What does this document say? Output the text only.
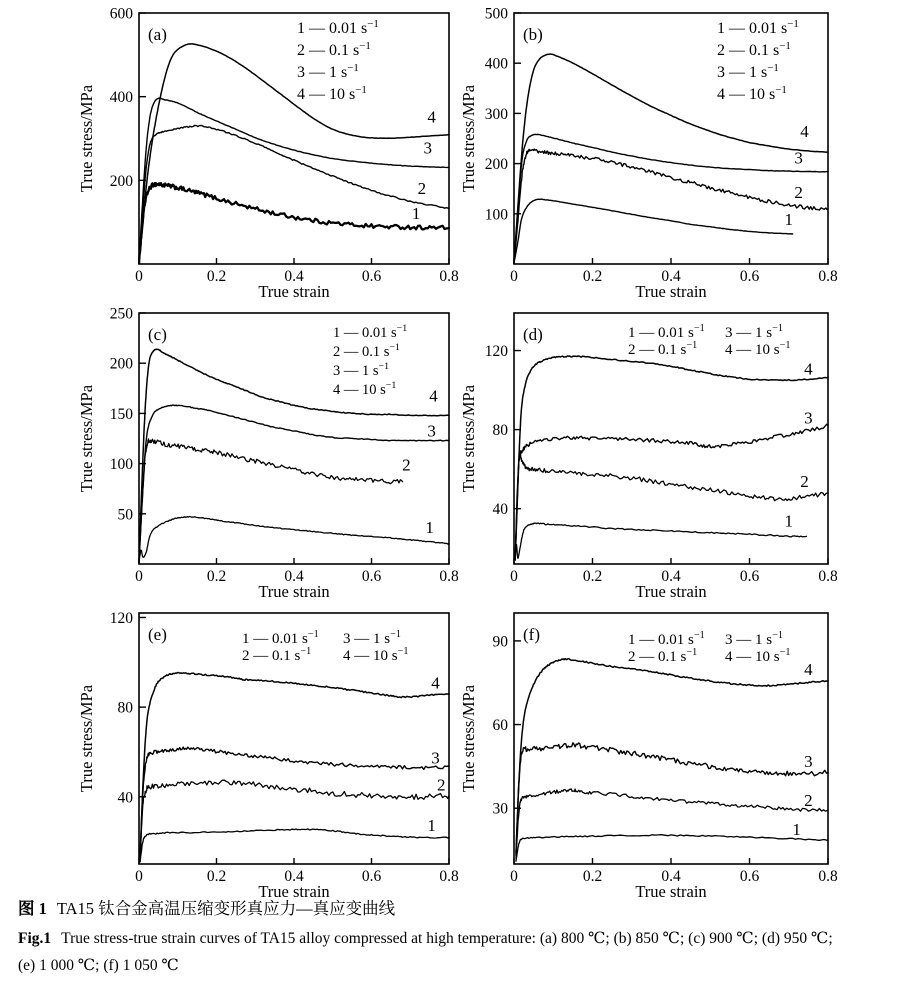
0	0.2	0.4	0.6	0.8
200
400
600
True strain
True stress/MPa
(a)	1 — 0.01 $s^{-1}$
2 — 0.1 $s^{-1}$
3 — 1 $s^{-1}$
4 — 10 $s^{-1}$
1
2
3
4
0	0.2	0.4	0.6	0.8
100
200
300
400
500
True strain
True stress/MPa
(b)	1 — 0.01 $s^{-1}$
2 — 0.1 $s^{-1}$
3 — 1 $s^{-1}$
4 — 10 $s^{-1}$
1
2
3
4
0	0.2	0.4	0.6	0.8
50
100
150
200
250
True strain
True stress/MPa
(c)	1 — 0.01 $s^{-1}$
2 — 0.1 $s^{-1}$
3 — 1 $s^{-1}$
4 — 10 $s^{-1}$
1
2
3
4
0	0.2	0.4	0.6	0.8
40
80
120
True strain
True stress/MPa
(d)	1 — 0.01 $s^{-1}$
2 — 0.1 $s^{-1}$
3 — 1 $s^{-1}$
4 — 10 $s^{-1}$
1
2
3
4
0	0.2	0.4	0.6	0.8
40
80
120
True strain
True stress/MPa
(e)	1 — 0.01 $s^{-1}$
2 — 0.1 $s^{-1}$
3 — 1 $s^{-1}$
4 — 10 $s^{-1}$
1
2
3
4
0	0.2	0.4	0.6	0.8
30
60
90
True strain
True stress/MPa
(f)	1 — 0.01 $s^{-1}$
2 — 0.1 $s^{-1}$
3 — 1 $s^{-1}$
4 — 10 $s^{-1}$
1
2
3
4

图 1 TA15 钛合金高温压缩变形真应力—真应变曲线

Fig.1 True stress-true strain curves of TA15 alloy compressed at high temperature: (a) 800 ℃; (b) 850 ℃; (c) 900 ℃; (d) 950 ℃;

(e) 1 000 ℃; (f) 1 050 ℃
